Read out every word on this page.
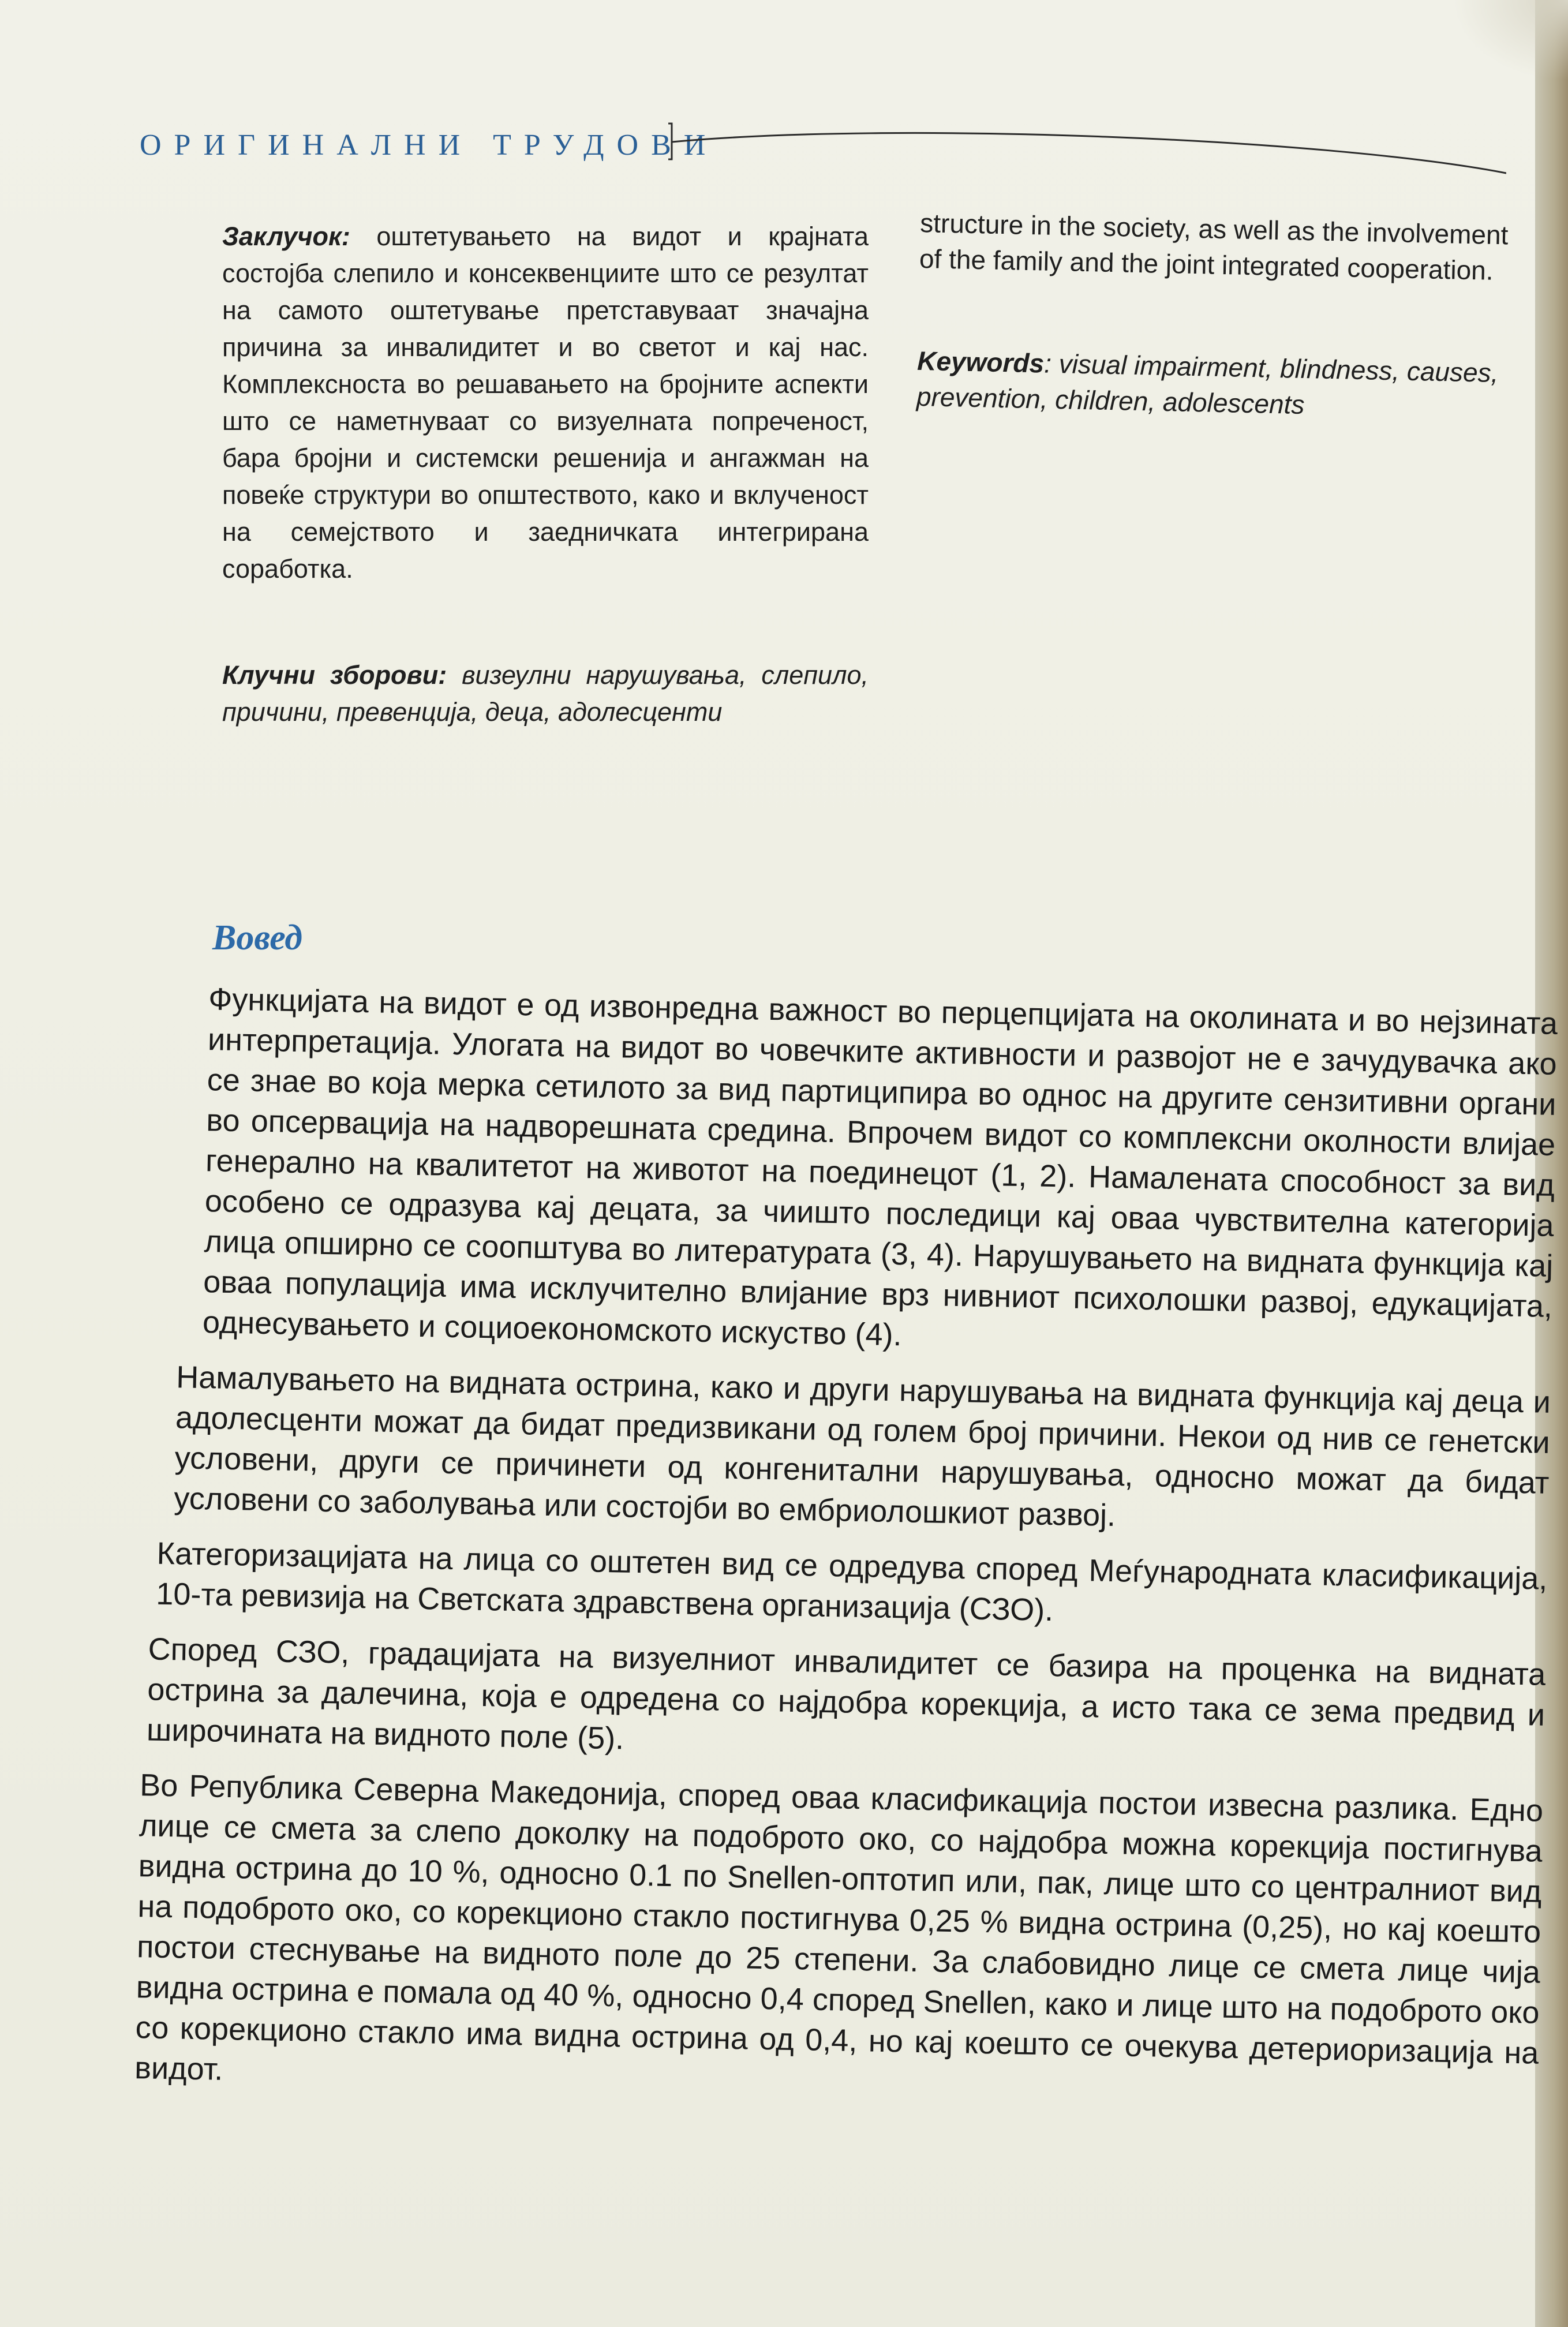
ОРИГИНАЛНИ ТРУДОВИ

Заклучок: оштетувањето на видот и крајната состојба слепило и консеквенциите што се резултат на самото оштетување претставуваат значајна причина за инвалидитет и во светот и кај нас. Комплексноста во решавањето на бројните аспекти што се наметнуваат со визуелната попреченост, бара бројни и системски решенија и ангажман на повеќе структури во општеството, како и вклученост на семејството и заедничката интегрирана соработка.

Клучни зборови: визеулни нарушувања, слепило, причини, превенција, деца, адолесценти

structure in the society, as well as the involvement of the family and the joint integrated cooperation.

Keywords: visual impairment, blindness, causes, prevention, children, adolescents

Вовед

Функцијата на видот е од извонредна важност во перцепцијата на околината и во нејзината интерпретација. Улогата на видот во човечките активности и развојот не е зачудувачка ако се знае во која мерка сетилото за вид партиципира во однос на другите сензитивни органи во опсервација на надворешната средина. Впрочем видот со комплексни околности влијае генерално на квалитетот на животот на поединецот (1, 2). Намалената способност за вид особено се одразува кај децата, за чиишто последици кај оваа чувствителна категорија лица опширно се соопштува во литературата (3, 4). Нарушувањето на видната функција кај оваа популација има исклучително влијание врз нивниот психолошки развој, едукацијата, однесувањето и социоекономското искуство (4).

Намалувањето на видната острина, како и други нарушувања на видната функција кај деца и адолесценти можат да бидат предизвикани од голем број причини. Некои од нив се генетски условени, други се причинети од конгенитални нарушувања, односно можат да бидат условени со заболувања или состојби во ембриолошкиот развој.

Категоризацијата на лица со оштетен вид се одредува според Меѓународната класификација, 10-та ревизија на Светската здравствена организација (СЗО).

Според СЗО, градацијата на визуелниот инвалидитет се базира на проценка на видната острина за далечина, која е одредена со најдобра корекција, а исто така се зема предвид и широчината на видното поле (5).

Во Република Северна Македонија, според оваа класификација постои извесна разлика. Едно лице се смета за слепо доколку на подоброто око, со најдобра можна корекција постигнува видна острина до 10 %, односно 0.1 по Snellen-оптотип или, пак, лице што со централниот вид на подоброто око, со корекционо стакло постигнува 0,25 % видна острина (0,25), но кај коешто постои стеснување на видното поле до 25 степени. За слабовидно лице се смета лице чија видна острина е помала од 40 %, односно 0,4 според Snellen, како и лице што на подоброто око со корекционо стакло има видна острина од 0,4, но кај коешто се очекува детериоризација на видот.
